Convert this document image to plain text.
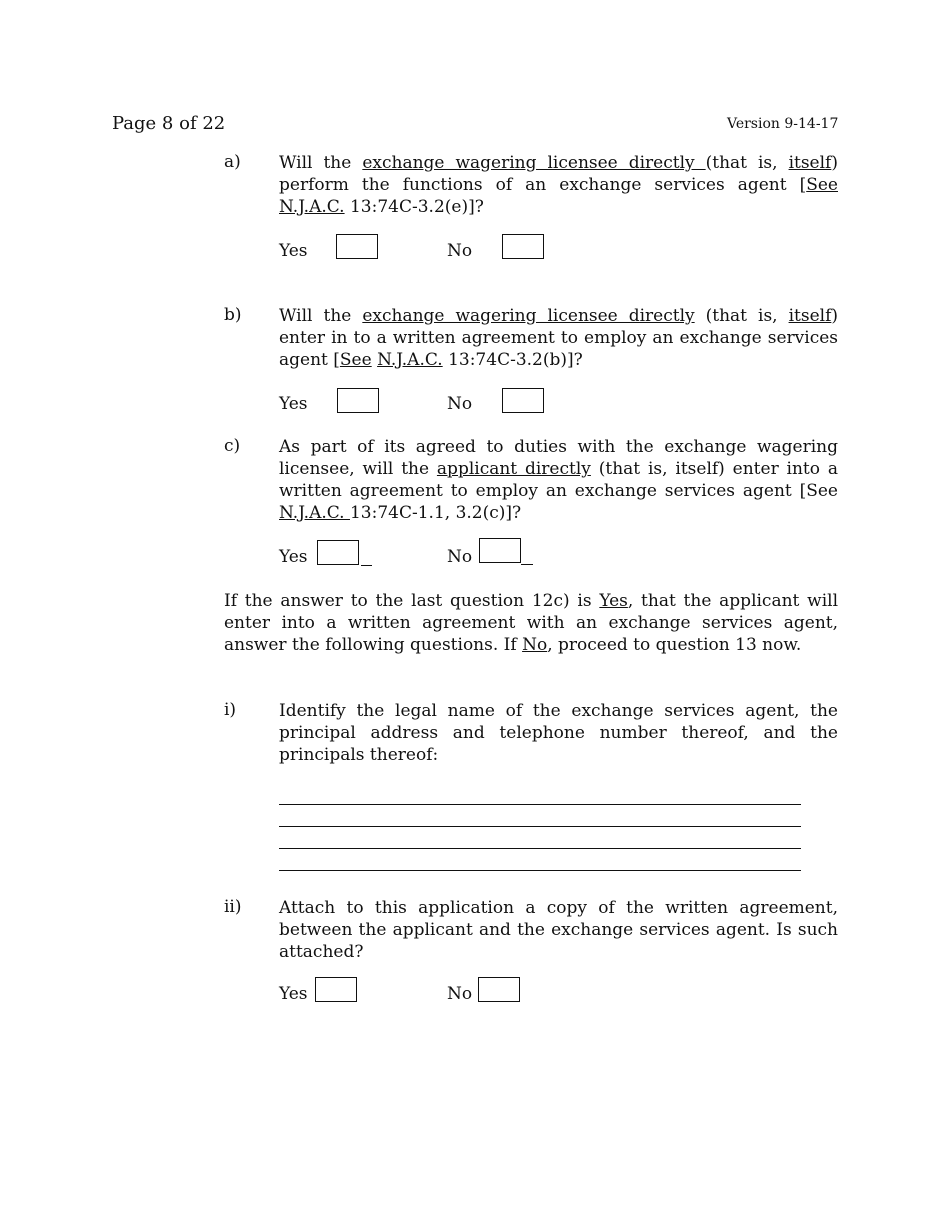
Page 8 of 22	Version 9-14-17
a) Will the exchange wagering licensee directly (that is, itself) perform the functions of an exchange services agent [See N.J.A.C. 13:74C-3.2(e)]?
Yes	No
b) Will the exchange wagering licensee directly (that is, itself) enter in to a written agreement to employ an exchange services agent [See N.J.A.C. 13:74C-3.2(b)]?
Yes	No
c) As part of its agreed to duties with the exchange wagering licensee, will the applicant directly (that is, itself) enter into a written agreement to employ an exchange services agent [See N.J.A.C. 13:74C-1.1, 3.2(c)]?
Yes	No
If the answer to the last question 12c) is Yes, that the applicant will enter into a written agreement with an exchange services agent, answer the following questions. If No, proceed to question 13 now.
i)	Identify the legal name of the exchange services agent, the principal address and telephone number thereof, and the principals thereof:
ii) Attach to this application a copy of the written agreement, between the applicant and the exchange services agent. Is such attached?
Yes	No
